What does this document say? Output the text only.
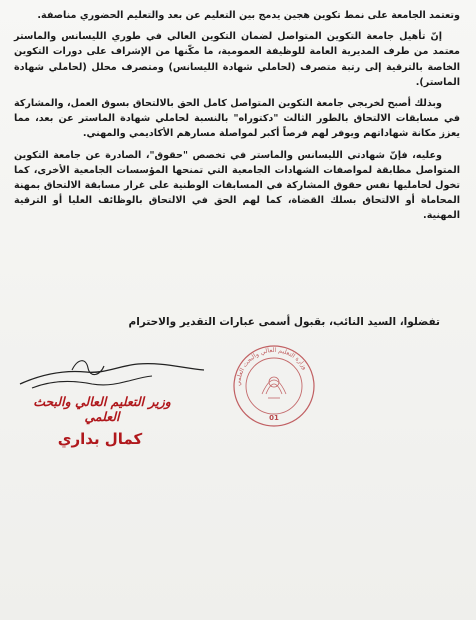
وتعتمد الجامعة على نمط تكوين هجين يدمج بين التعليم عن بعد والتعليم الحضوري مناصفة.

إنّ تأهيل جامعة التكوين المتواصل لضمان التكوين العالي في طوري الليسانس والماستر معتمد من طرف المديرية العامة للوظيفة العمومية، ما مكّنها من الإشراف على دورات التكوين الخاصة بالترقية إلى رتبة متصرف (لحاملي شهادة الليسانس) ومتصرف محلل (لحاملي شهادة الماستر).

وبذلك أصبح لخريجي جامعة التكوين المتواصل كامل الحق بالالتحاق بسوق العمل، والمشاركة في مسابقات الالتحاق بالطور الثالث "دكتوراه" بالنسبة لحاملي شهادة الماستر عن بعد، مما يعزز مكانة شهاداتهم ويوفر لهم فرصاً أكبر لمواصلة مسارهم الأكاديمي والمهني.

وعليه، فإنّ شهادتي الليسانس والماستر في تخصص "حقوق"، الصادرة عن جامعة التكوين المتواصل مطابقة لمواصفات الشهادات الجامعية التي تمنحها المؤسسات الجامعية الأخرى، كما تخول لحامليها نفس حقوق المشاركة في المسابقات الوطنية على غرار مسابقة الالتحاق بمهنة المحاماة أو الالتحاق بسلك القضاة، كما لهم الحق في الالتحاق بالوظائف العليا أو الترقية المهنية.

تفضلوا، السيد النائب، بقبول أسمى عبارات التقدير والاحترام
وزارة التعليم العالي والبحث العلمي
01
وزير التعليم العالي والبحث العلمي
كمال بداري
